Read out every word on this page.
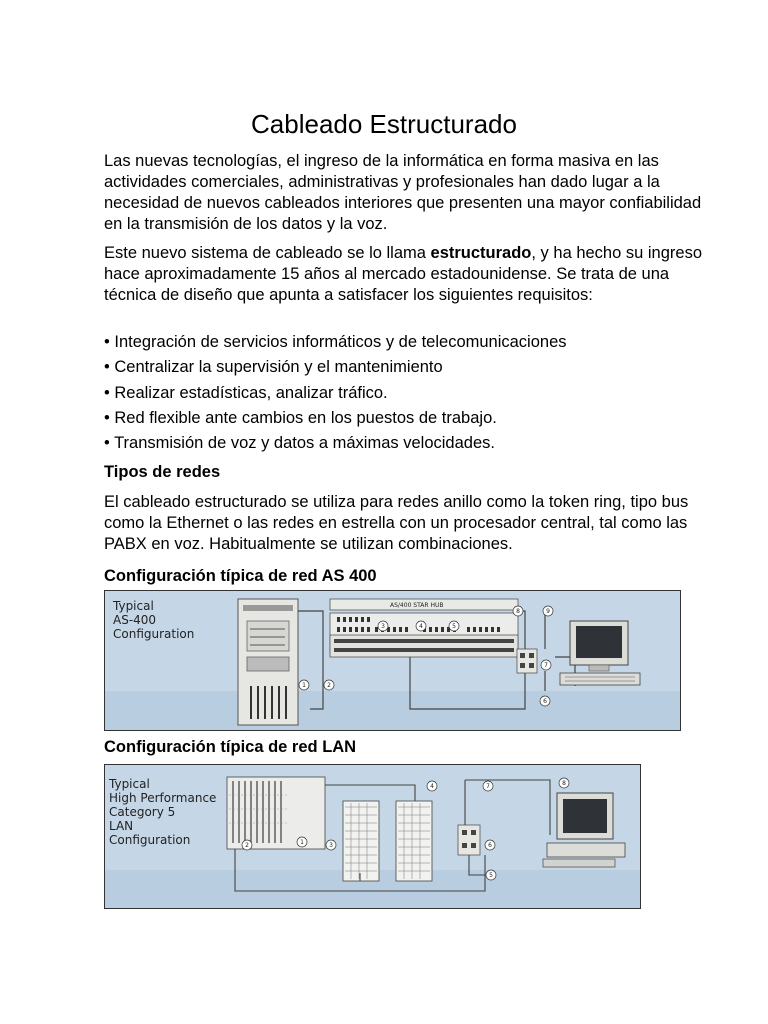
Cableado Estructurado
Las nuevas tecnologías, el ingreso de la informática en forma masiva en las actividades comerciales, administrativas y profesionales han dado lugar a la necesidad de nuevos cableados interiores que presenten una mayor confiabilidad en la transmisión de los datos y la voz.
Este nuevo sistema de cableado se lo llama estructurado, y ha hecho su ingreso hace aproximadamente 15 años al mercado estadounidense. Se trata de una técnica de diseño que apunta a satisfacer los siguientes requisitos:
• Integración de servicios informáticos y de telecomunicaciones
• Centralizar la supervisión y el mantenimiento
• Realizar estadísticas, analizar tráfico.
• Red flexible ante cambios en los puestos de trabajo.
• Transmisión de voz y datos a máximas velocidades.
Tipos de redes
El cableado estructurado se utiliza para redes anillo como la token ring, tipo bus como la Ethernet o las redes en estrella con un procesador central, tal como las PABX en voz. Habitualmente se utilizan combinaciones.
Configuración típica de red AS 400
Typical
AS-400
Configuration
AS/400 STAR HUB
1	2
3	4	5
6
7
8	9
Configuración típica de red LAN
Typical
High Performance
Category 5
LAN
Configuration	1
2	3
4
5
6
7	8
